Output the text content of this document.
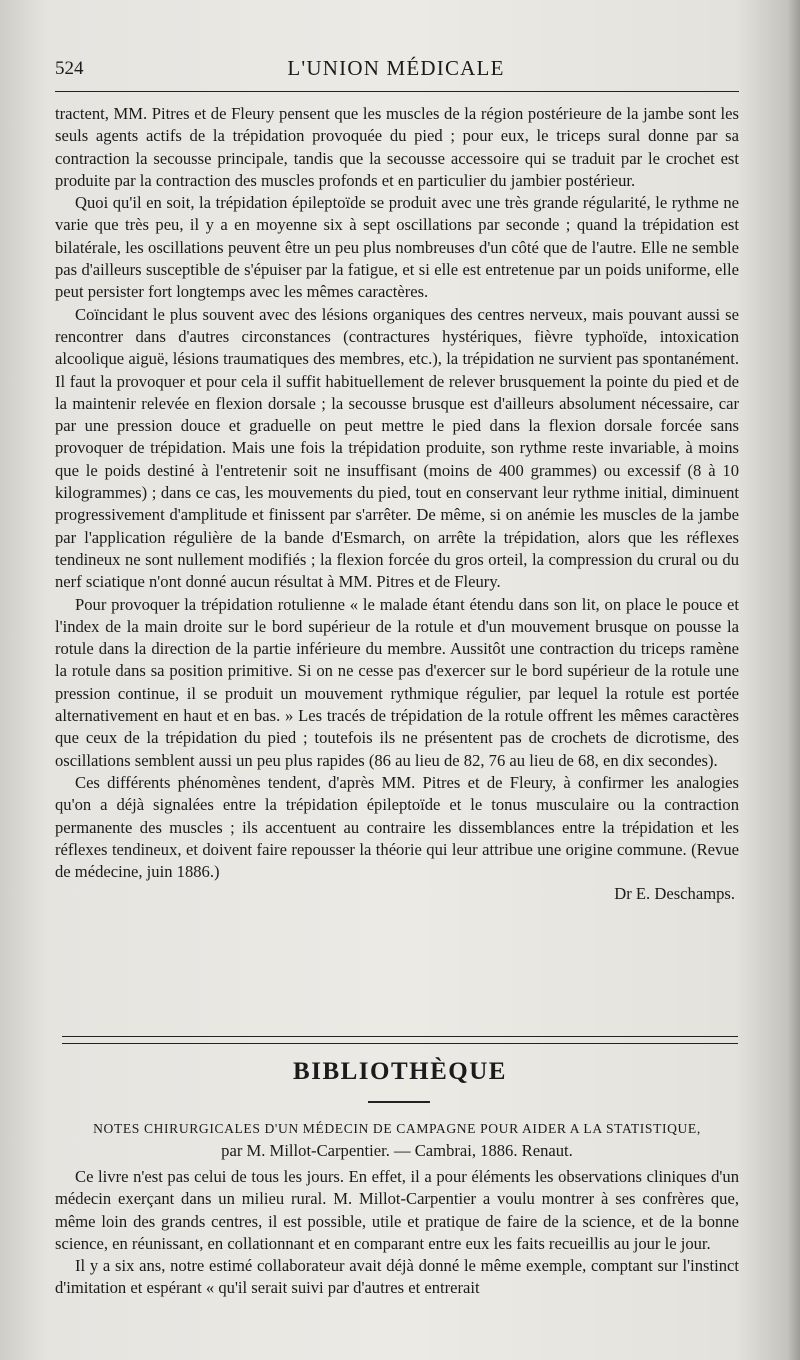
524	L'UNION MÉDICALE

tractent, MM. Pitres et de Fleury pensent que les muscles de la région postérieure de la jambe sont les seuls agents actifs de la trépidation provoquée du pied ; pour eux, le triceps sural donne par sa contraction la secousse principale, tandis que la secousse accessoire qui se traduit par le crochet est produite par la contraction des muscles profonds et en particulier du jambier postérieur.

Quoi qu'il en soit, la trépidation épileptoïde se produit avec une très grande régularité, le rythme ne varie que très peu, il y a en moyenne six à sept oscillations par seconde ; quand la trépidation est bilatérale, les oscillations peuvent être un peu plus nombreuses d'un côté que de l'autre. Elle ne semble pas d'ailleurs susceptible de s'épuiser par la fatigue, et si elle est entretenue par un poids uniforme, elle peut persister fort longtemps avec les mêmes caractères.

Coïncidant le plus souvent avec des lésions organiques des centres nerveux, mais pouvant aussi se rencontrer dans d'autres circonstances (contractures hystériques, fièvre typhoïde, intoxication alcoolique aiguë, lésions traumatiques des membres, etc.), la trépidation ne survient pas spontanément. Il faut la provoquer et pour cela il suffit habituellement de relever brusquement la pointe du pied et de la maintenir relevée en flexion dorsale ; la secousse brusque est d'ailleurs absolument nécessaire, car par une pression douce et graduelle on peut mettre le pied dans la flexion dorsale forcée sans provoquer de trépidation. Mais une fois la trépidation produite, son rythme reste invariable, à moins que le poids destiné à l'entretenir soit ne insuffisant (moins de 400 grammes) ou excessif (8 à 10 kilogrammes) ; dans ce cas, les mouvements du pied, tout en conservant leur rythme initial, diminuent progressivement d'amplitude et finissent par s'arrêter. De même, si on anémie les muscles de la jambe par l'application régulière de la bande d'Esmarch, on arrête la trépidation, alors que les réflexes tendineux ne sont nullement modifiés ; la flexion forcée du gros orteil, la compression du crural ou du nerf sciatique n'ont donné aucun résultat à MM. Pitres et de Fleury.

Pour provoquer la trépidation rotulienne « le malade étant étendu dans son lit, on place le pouce et l'index de la main droite sur le bord supérieur de la rotule et d'un mouvement brusque on pousse la rotule dans la direction de la partie inférieure du membre. Aussitôt une contraction du triceps ramène la rotule dans sa position primitive. Si on ne cesse pas d'exercer sur le bord supérieur de la rotule une pression continue, il se produit un mouvement rythmique régulier, par lequel la rotule est portée alternativement en haut et en bas. » Les tracés de trépidation de la rotule offrent les mêmes caractères que ceux de la trépidation du pied ; toutefois ils ne présentent pas de crochets de dicrotisme, des oscillations semblent aussi un peu plus rapides (86 au lieu de 82, 76 au lieu de 68, en dix secondes).

Ces différents phénomènes tendent, d'après MM. Pitres et de Fleury, à confirmer les analogies qu'on a déjà signalées entre la trépidation épileptoïde et le tonus musculaire ou la contraction permanente des muscles ; ils accentuent au contraire les dissemblances entre la trépidation et les réflexes tendineux, et doivent faire repousser la théorie qui leur attribue une origine commune. (Revue de médecine, juin 1886.)

Dr E. Deschamps.

BIBLIOTHÈQUE
NOTES CHIRURGICALES D'UN MÉDECIN DE CAMPAGNE POUR AIDER A LA STATISTIQUE,
par M. Millot-Carpentier. — Cambrai, 1886. Renaut.

Ce livre n'est pas celui de tous les jours. En effet, il a pour éléments les observations cliniques d'un médecin exerçant dans un milieu rural. M. Millot-Carpentier a voulu montrer à ses confrères que, même loin des grands centres, il est possible, utile et pratique de faire de la science, et de la bonne science, en réunissant, en collationnant et en comparant entre eux les faits recueillis au jour le jour.

Il y a six ans, notre estimé collaborateur avait déjà donné le même exemple, comptant sur l'instinct d'imitation et espérant « qu'il serait suivi par d'autres et entrerait
